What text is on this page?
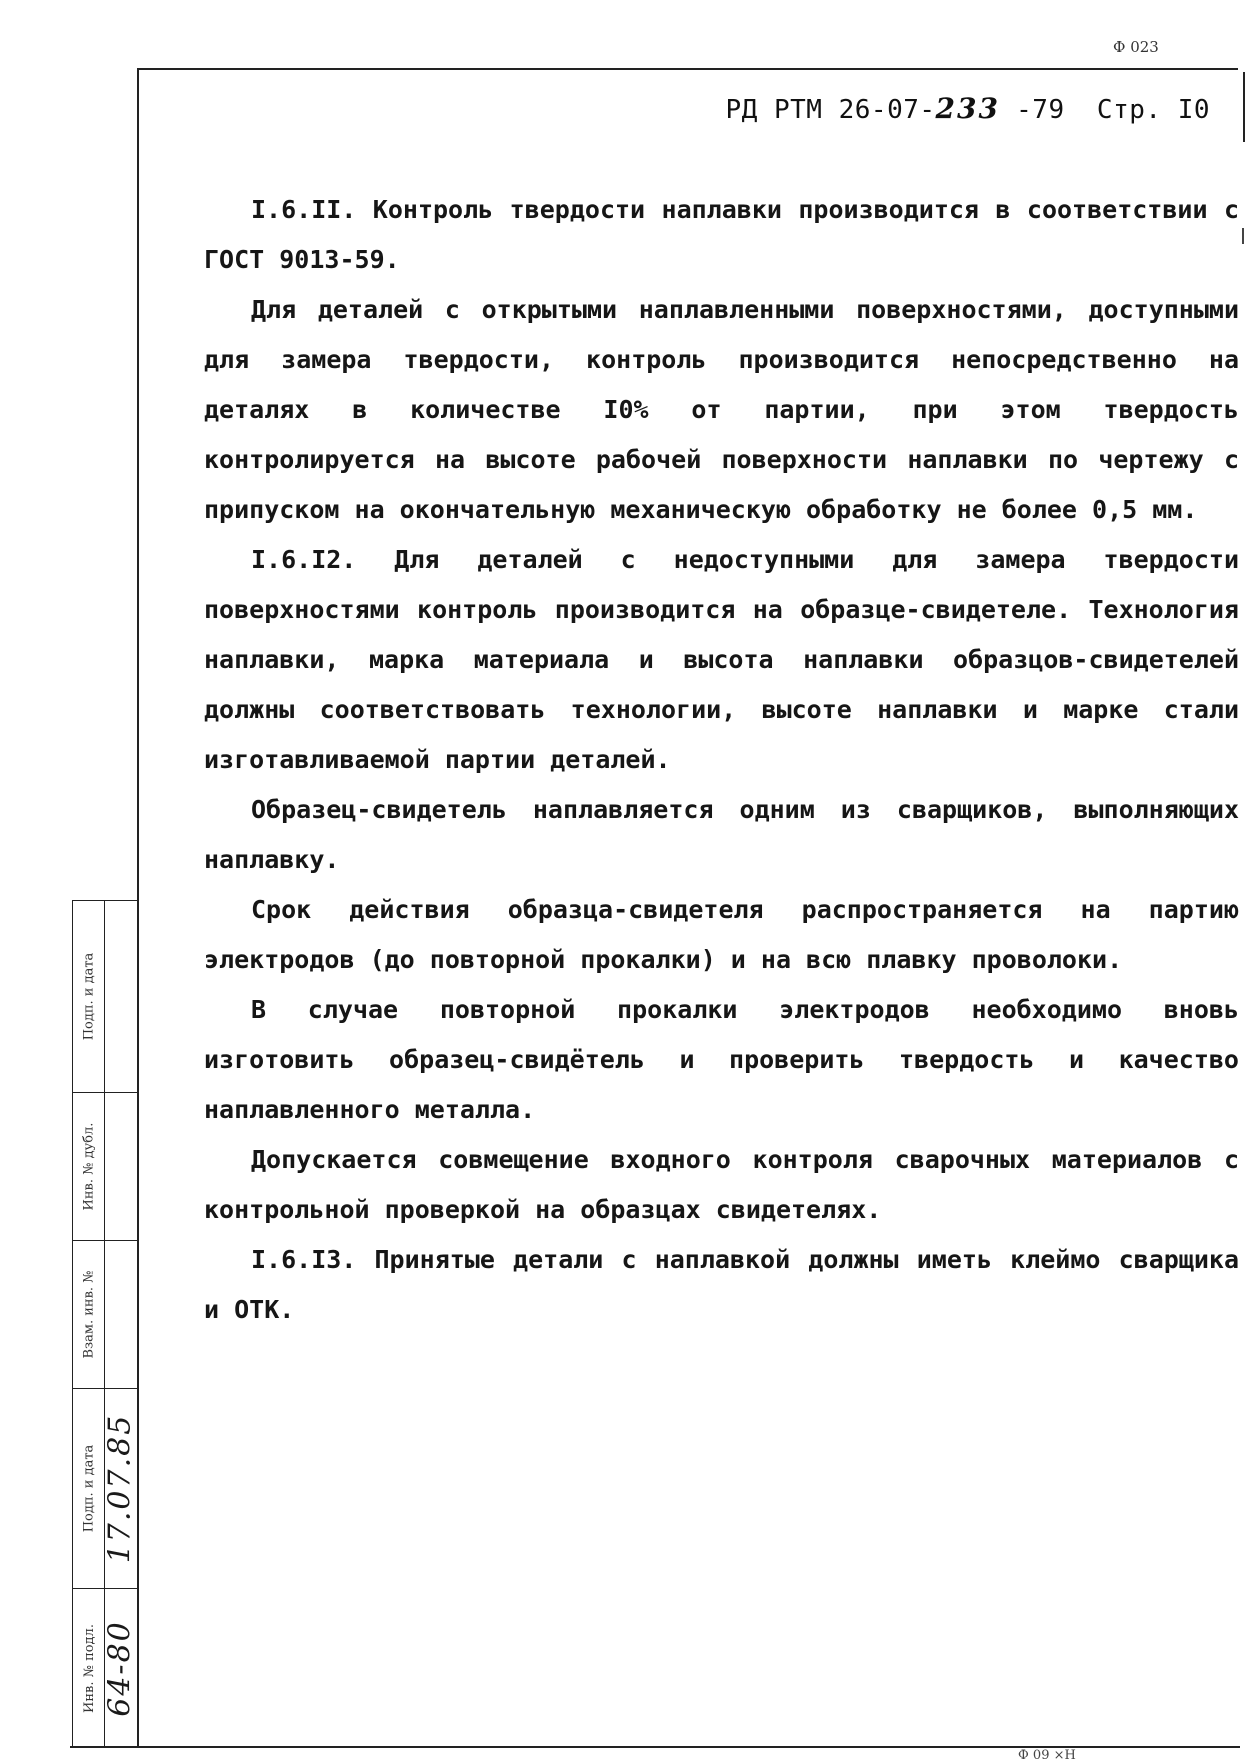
Ф 023
РД РТМ 26-07-233 -79 Стр. I0

I.6.II. Контроль твердости наплавки производится в соответствии с ГОСТ 9013-59.

Для деталей с открытыми наплавленными поверхностями, доступными для замера твердости, контроль производится непосредственно на деталях в количестве I0% от партии, при этом твердость контролируется на высоте рабочей поверхности наплавки по чертежу с припуском на окончательную механическую обработку не более 0,5 мм.

I.6.I2. Для деталей с недоступными для замера твердости поверхностями контроль производится на образце-свидетеле. Технология наплавки, марка материала и высота наплавки образцов-свидетелей должны соответствовать технологии, высоте наплавки и марке стали изготавливаемой партии деталей.

Образец-свидетель наплавляется одним из сварщиков, выполняющих наплавку.

Срок действия образца-свидетеля распространяется на партию электродов (до повторной прокалки) и на всю плавку проволоки.

В случае повторной прокалки электродов необходимо вновь изготовить образец-свидётель и проверить твердость и качество наплавленного металла.

Допускается совмещение входного контроля сварочных материалов с контрольной проверкой на образцах свидетелях.

I.6.I3. Принятые детали с наплавкой должны иметь клеймо сварщика и ОТК.

Подп. и дата
Инв. № дубл.
Взам. инв. №
Подп. и дата
Инв. № подл.
17.07.85
64-80
Ф 09 ×Н
